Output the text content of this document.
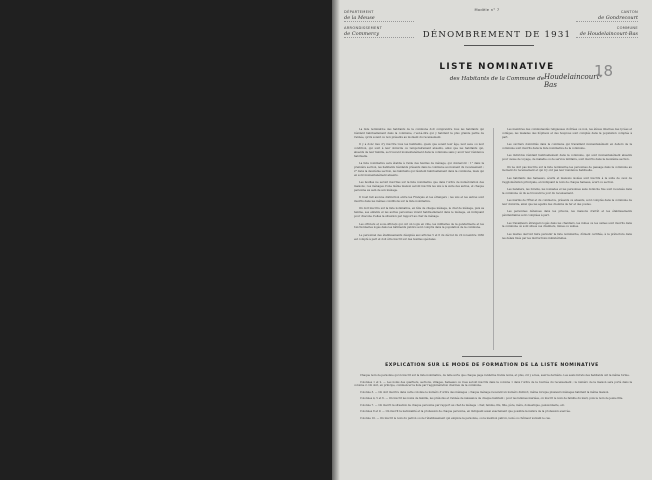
DÉPARTEMENT
de la Meuse
ARRONDISSEMENT
de Commercy
Modèle n° 7	CANTON
de Gondrecourt
COMMUNE
de Houdelaincourt-Bas
DÉNOMBREMENT DE 1931
LISTE NOMINATIVE
des Habitants de la Commune de Houdelaincourt-Bas
18

La liste nominative des habitants de la commune doit comprendre tous les habitants qui résident habituellement dans la commune, c'est-à-dire qui y habitent la plus grande partie de l'année, qu'ils soient ou non présents au moment du recensement.

Il y a donc lieu d'y inscrire tous les habitants, quels que soient leur âge, leur sexe ou leur condition, qui sont à leur domicile ou temporairement absents, ainsi que les habitants qui, absents de leur famille, se trouvent momentanément dans la commune sans y avoir leur résidence habituelle.

La liste nominative sera établie à l'aide des feuilles de ménage, qui donneront : 1° dans la première section, les habitants résidants présents dans la commune au moment du recensement ; 2° dans la deuxième section, les habitants qui résident habituellement dans la commune, mais qui en sont momentanément absents.

Les feuilles ne seront inscrites sur la liste nominative que dans l'ordre de numérotation des maisons ; les ménages d'une même maison seront inscrits les uns à la suite des autres, et chaque personne au sein de son ménage.

Il n'est fait aucune distinction entre les Français et les étrangers ; les uns et les autres sont inscrits dans les mêmes conditions sur la liste nominative.

On doit inscrire sur la liste nominative, en tête de chaque ménage, le chef de ménage, puis sa femme, ses enfants et les autres personnes vivant habituellement dans le ménage, en indiquant pour chacune d'elles la situation par rapport au chef de ménage.

Les officiers et sous-officiers qui ont un logis en ville, les militaires de la gendarmerie et les fonctionnaires logés dans les bâtiments publics sont compris dans la population de la commune.

Le personnel des établissements désignés aux articles 5 et 6 du décret du 22 novembre 1930 est compté à part et doit être inscrit sur des feuilles spéciales.

Les membres des communautés religieuses cloîtrées ou non, les élèves internes des lycées et collèges, les malades des hôpitaux et des hospices sont comptés dans la population comptée à part.

Les ouvriers domiciliés dans la commune qui travaillent momentanément en dehors de la commune sont inscrits dans la liste nominative de la commune.

Les individus résidant habituellement dans la commune, qui sont momentanément absents pour cause de voyage, de maladie ou de service militaire, sont inscrits dans la deuxième section.

On ne doit pas inscrire sur la liste nominative les personnes de passage dans la commune au moment du recensement et qui n'y ont pas leur résidence habituelle.

Les habitants des hameaux, écarts et maisons isolées sont inscrits à la suite de ceux de l'agglomération principale, en indiquant le nom de chaque hameau, écart ou section.

Les bateliers, les forains, les nomades et les personnes sans domicile fixe sont recensés dans la commune où ils se trouvent le jour du recensement.

Les marins de l'État et du commerce, présents ou absents, sont comptés dans la commune de leur domicile, ainsi que les agents des chemins de fer et des postes.

Les personnes détenues dans les prisons, les maisons d'arrêt et les établissements pénitentiaires sont comptées à part.

Les travailleurs étrangers logés dans les chantiers, les mines ou les usines sont inscrits dans la commune où sont situés ces chantiers, mines ou usines.

Les maires devront faire parvenir la liste nominative, dûment certifiée, à la préfecture dans les délais fixés par les instructions ministérielles.

EXPLICATION SUR LE MODE DE FORMATION DE LA LISTE NOMINATIVE

Chaque nom de personne qu'on inscrit sur la liste nominative, de telle sorte que chaque page renferme trente noms, et plus, s'il y a lieu, sauf la dernière. Les seuls livrets des habitants ont la même forme.

Colonnes 1 et 2. — Les noms des quartiers, sections, villages, hameaux ou rues seront inscrits dans la colonne 1 dans l'ordre de la tournée du recensement ; le numéro de la maison sera porté dans la colonne 2. On doit, en principe, commencer la liste par l'agglomération chef-lieu de la commune.

Colonne 3. — On doit inscrire dans cette colonne le numéro d'ordre des ménages ; chaque ménage recevant un numéro distinct, même lorsque plusieurs ménages habitent la même maison.

Colonnes 4, 5 et 6. — On inscrit les noms de famille, les prénoms et l'année de naissance de chaque habitant ; pour les femmes mariées, on inscrit le nom de famille du mari, puis le nom de jeune fille.

Colonne 7. — On inscrit la situation de chaque personne par rapport au chef de ménage : chef, femme, fils, fille, père, mère, domestique, pensionnaire, etc.

Colonnes 8 et 9. — On inscrit la nationalité et la profession de chaque personne, en indiquant aussi exactement que possible la nature de la profession exercée.

Colonne 10. — On inscrit le nom du patron ou de l'établissement qui emploie la personne, ou la mention patron, isolé ou chômeur suivant le cas.
